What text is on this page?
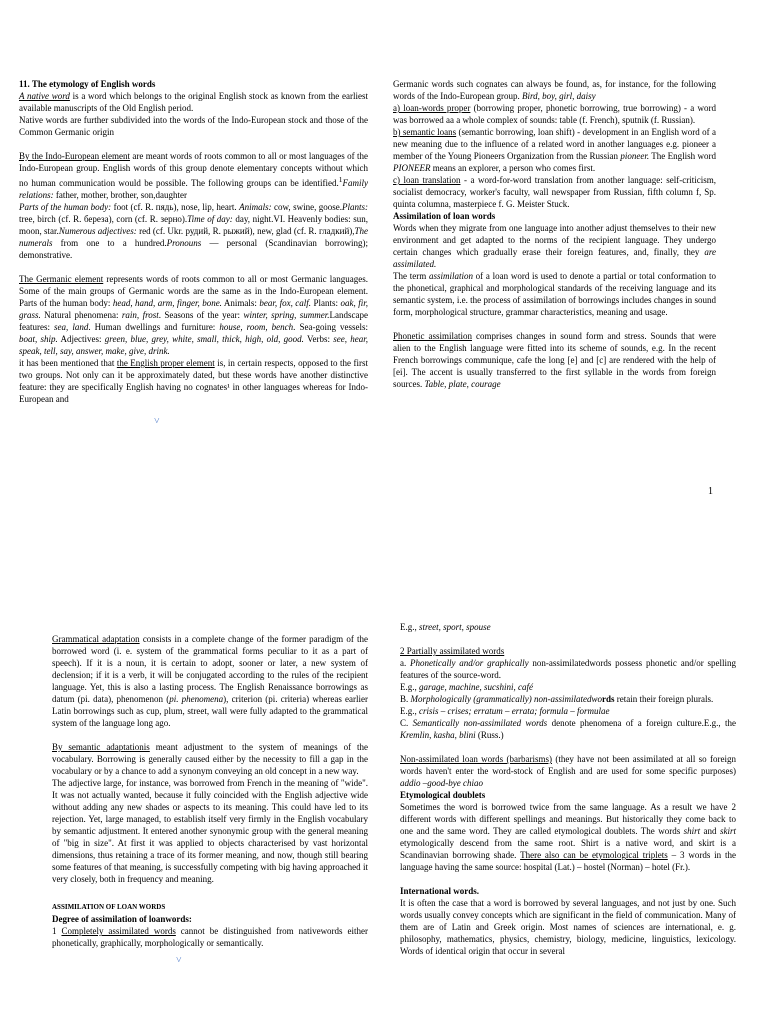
11. The etymology of English words

A native word is a word which belongs to the original English stock as known from the earliest available manuscripts of the Old English period.

Native words are further subdivided into the words of the Indo-European stock and those of the Common Germanic origin

By the Indo-European element are meant words of roots common to all or most languages of the Indo-European group. English words of this group denote elementary concepts without which no human communication would be possible. The following groups can be identified.$^1$Family relations: father, mother, brother, son,daughter

Parts of the human body: foot (cf. R. пядь), nose, lip, heart. Animals: cow, swine, goose.Plants: tree, birch (cf. R. береза), corn (cf. R. зерно).Time of day: day, night.VI. Heavenly bodies: sun, moon, star.Numerous adjectives: red (cf. Ukr. рудий, R. рыжий), new, glad (cf. R. гладкий),The numerals from one to a hundred.Pronouns — personal (Scandinavian borrowing); demonstrative.

The Germanic element represents words of roots common to all or most Germanic languages. Some of the main groups of Germanic words are the same as in the Indo-European element. Parts of the human body: head, hand, arm, finger, bone. Animals: bear, fox, calf. Plants: oak, fir, grass. Natural phenomena: rain, frost. Seasons of the year: winter, spring, summer.Landscape features: sea, land. Human dwellings and furniture: house, room, bench. Sea-going vessels: boat, ship. Adjectives: green, blue, grey, white, small, thick, high, old, good. Verbs: see, hear, speak, tell, say, answer, make, give, drink.

it has been mentioned that the English proper element is, in certain respects, opposed to the first two groups. Not only can it be approximately dated, but these words have another distinctive feature: they are specifically English having no cognates¹ in other languages whereas for Indo-European and

˅

Germanic words such cognates can always be found, as, for instance, for the following words of the Indo-European group. Bird, boy, girl, daisy

a) loan-words proper (borrowing proper, phonetic borrowing, true borrowing) - a word was borrowed aa a whole complex of sounds: table (f. French), sputnik (f. Russian).

b) semantic loans (semantic borrowing, loan shift) - development in an English word of a new meaning due to the influence of a related word in another languages e.g. pioneer a member of the Young Pioneers Organization from the Russian pioneer. The English word PIONEER means an explorer, a person who comes first.

c) loan translation - a word-for-word translation from another language: self-criticism, socialist democracy, worker's faculty, wall newspaper from Russian, fifth column f, Sp. quinta columna, masterpiece f. G. Meister Stuck.

Assimilation of loan words

Words when they migrate from one language into another adjust themselves to their new environment and get adapted to the norms of the recipient language. They undergo certain changes which gradually erase their foreign features, and, finally, they are assimilated.

The term assimilation of a loan word is used to denote a partial or total conformation to the phonetical, graphical and morphological standards of the receiving language and its semantic system, i.e. the process of assimilation of borrowings includes changes in sound form, morphological structure, grammar characteristics, meaning and usage.

Phonetic assimilation comprises changes in sound form and stress. Sounds that were alien to the English language were fitted into its scheme of sounds, e.g. In the recent French borrowings communique, cafe the long [e] and [c] are rendered with the help of [ei]. The accent is usually transferred to the first syllable in the words from foreign sources. Table, plate, courage

1

Grammatical adaptation consists in a complete change of the former paradigm of the borrowed word (i. e. system of the grammatical forms peculiar to it as a part of speech). If it is a noun, it is certain to adopt, sooner or later, a new system of declension; if it is a verb, it will be conjugated according to the rules of the recipient language. Yet, this is also a lasting process. The English Renaissance borrowings as datum (pi. data), phenomenon (pi. phenomena), criterion (pi. criteria) whereas earlier Latin borrowings such as cup, plum, street, wall were fully adapted to the grammatical system of the language long ago.

By semantic adaptationis meant adjustment to the system of meanings of the vocabulary. Borrowing is generally caused either by the necessity to fill a gap in the vocabulary or by a chance to add a synonym conveying an old concept in a new way.

The adjective large, for instance, was borrowed from French in the meaning of "wide". It was not actually wanted, because it fully coincided with the English adjective wide without adding any new shades or aspects to its meaning. This could have led to its rejection. Yet, large managed, to establish itself very firmly in the English vocabulary by semantic adjustment. It entered another synonymic group with the general meaning of "big in size". At first it was applied to objects characterised by vast horizontal dimensions, thus retaining a trace of its former meaning, and now, though still bearing some features of that meaning, is successfully competing with big having approached it very closely, both in frequency and meaning.

ASSIMILATION OF LOAN WORDS

Degree of assimilation of loanwords:

1 Completely assimilated words cannot be distinguished from nativewords either phonetically, graphically, morphologically or semantically.

˅

E.g., street, sport, spouse

2 Partially assimilated words

a. Phonetically and/or graphically non-assimilatedwords possess phonetic and/or spelling features of the source-word.

E.g., garage, machine, sucshini, café

B. Morphologically (grammatically) non-assimilatedwords retain their foreign plurals.

E.g., crisis – crises; erratum – errata; formula – formulae

C. Semantically non-assimilated words denote phenomena of a foreign culture.E.g., the Kremlin, kasha, blini (Russ.)

Non-assimilated loan words (barbarisms) (they have not been assimilated at all so foreign words haven't enter the word-stock of English and are used for some specific purposes) addio –good-bye chiao

Etymological doublets

Sometimes the word is borrowed twice from the same language. As a result we have 2 different words with different spellings and meanings. But historically they come back to one and the same word. They are called etymological doublets. The words shirt and skirt etymologically descend from the same root. Shirt is a native word, and skirt is a Scandinavian borrowing shade. There also can be etymological triplets – 3 words in the language having the same source: hospital (Lat.) – hostel (Norman) – hotel (Fr.).

International words.

It is often the case that a word is borrowed by several languages, and not just by one. Such words usually convey concepts which are significant in the field of communication. Many of them are of Latin and Greek origin. Most names of sciences are international, e. g. philosophy, mathematics, physics, chemistry, biology, medicine, linguistics, lexicology. Words of identical origin that occur in several
